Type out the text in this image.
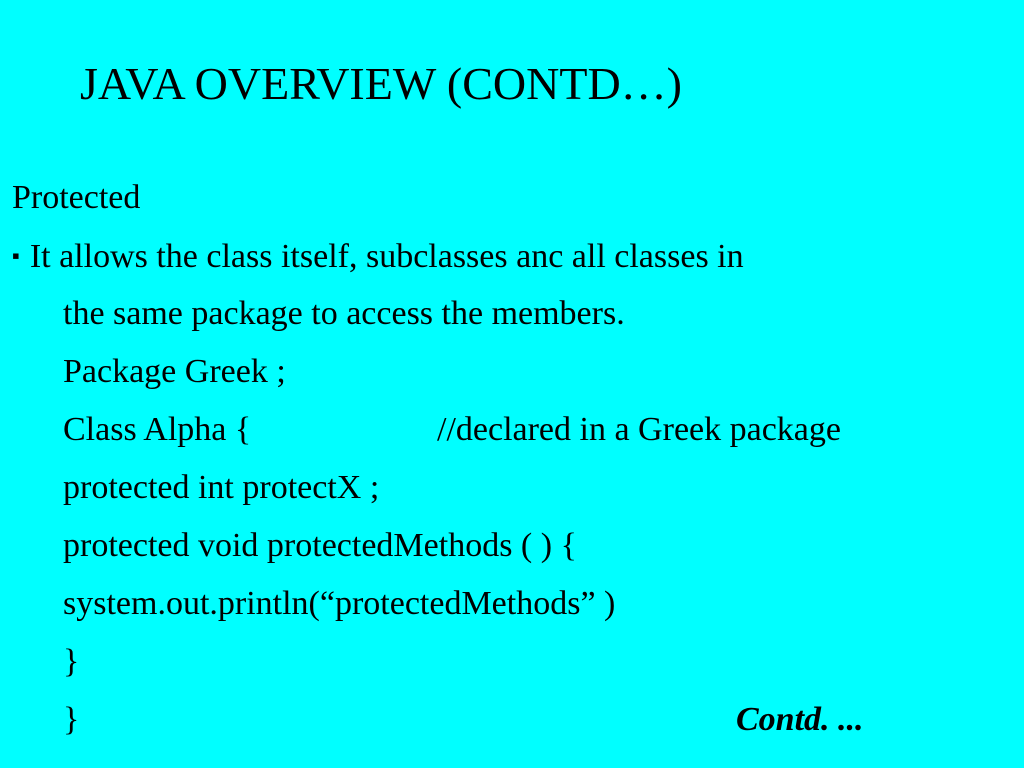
JAVA OVERVIEW (CONTD…)
Protected
▪ It allows the class itself, subclasses anc all classes in
the same package to access the members.
Package Greek ;
Class Alpha {	//declared in a Greek package
protected int protectX ;
protected void protectedMethods ( ) {
system.out.println(“protectedMethods” )
}
}	Contd. ...
